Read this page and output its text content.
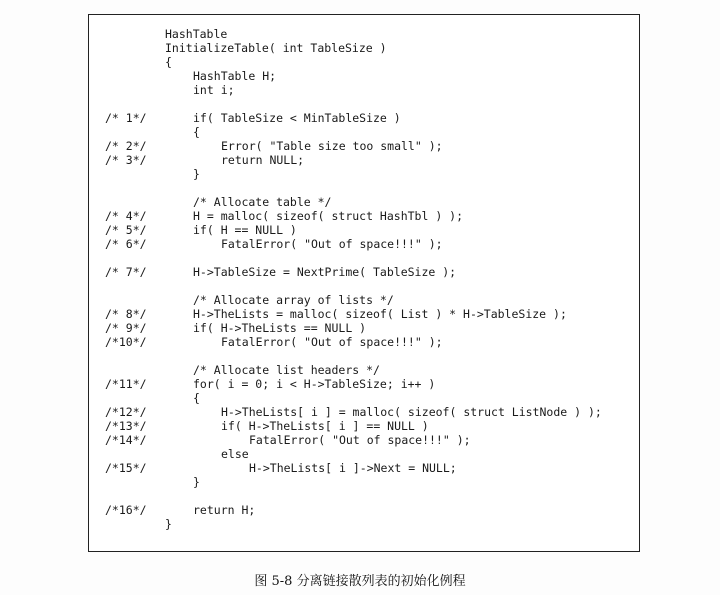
HashTable
InitializeTable( int TableSize )
{
HashTable H;
int i;
/* 1*/	if( TableSize < MinTableSize )
{
/* 2*/	Error( "Table size too small" );
/* 3*/	return NULL;
}
/* Allocate table */
/* 4*/	H = malloc( sizeof( struct HashTbl ) );
/* 5*/	if( H == NULL )
/* 6*/	FatalError( "Out of space!!!" );
/* 7*/	H->TableSize = NextPrime( TableSize );
/* Allocate array of lists */
/* 8*/	H->TheLists = malloc( sizeof( List ) * H->TableSize );
/* 9*/	if( H->TheLists == NULL )
/*10*/	FatalError( "Out of space!!!" );
/* Allocate list headers */
/*11*/	for( i = 0; i < H->TableSize; i++ )
{
/*12*/	H->TheLists[ i ] = malloc( sizeof( struct ListNode ) );
/*13*/	if( H->TheLists[ i ] == NULL )
/*14*/	FatalError( "Out of space!!!" );
else
/*15*/	H->TheLists[ i ]->Next = NULL;
}
/*16*/	return H;
}
图 5-8 分离链接散列表的初始化例程
